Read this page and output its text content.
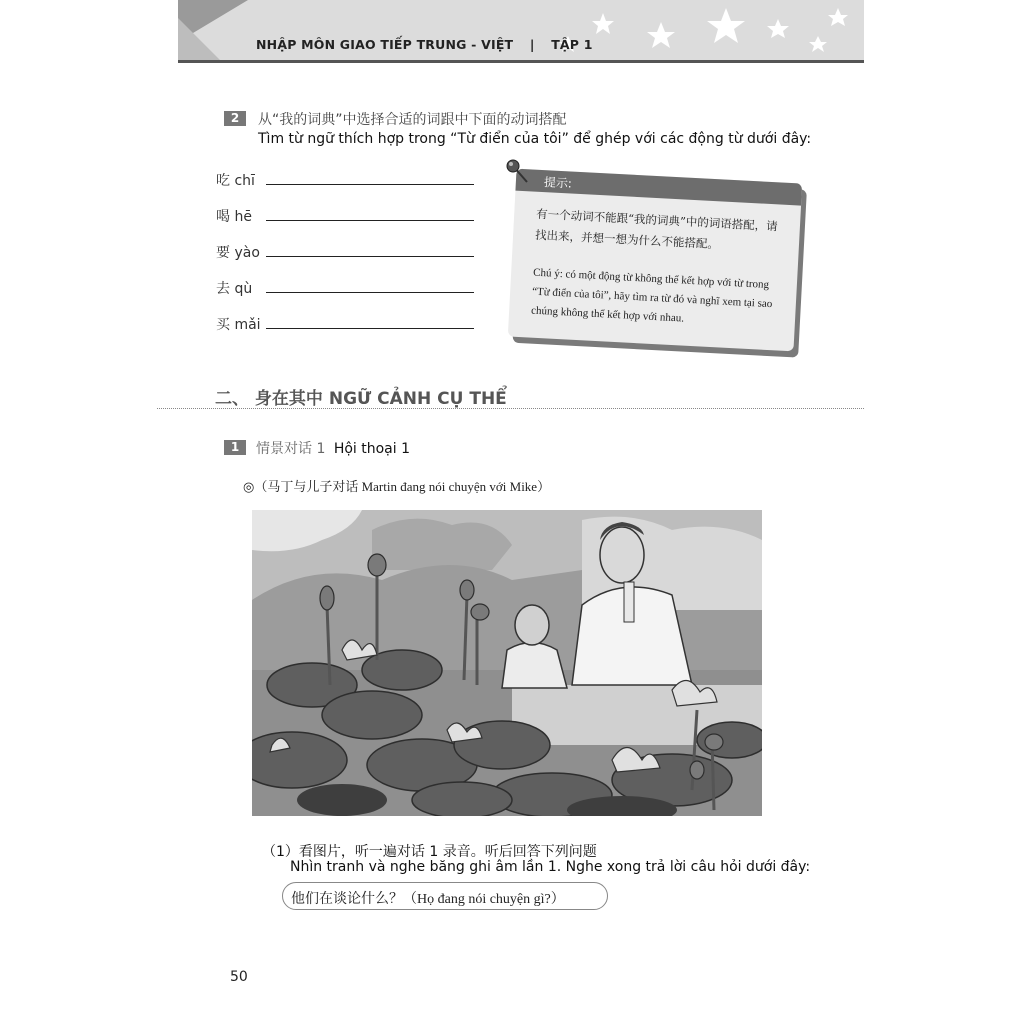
NHẬP MÔN GIAO TIẾP TRUNG - VIỆT | TẬP 1
2	从“我的词典”中选择合适的词跟中下面的动词搭配
Tìm từ ngữ thích hợp trong “Từ điển của tôi” để ghép với các động từ dưới đây:
吃 chī
喝 hē
要 yào
去 qù
买 mǎi
提示:
有一个动词不能跟“我的词典”中的词语搭配，请找出来，并想一想为什么不能搭配。
Chú ý: có một động từ không thể kết hợp với từ trong “Từ điển của tôi”, hãy tìm ra từ đó và nghĩ xem tại sao chúng không thể kết hợp với nhau.
二、 身在其中 NGỮ CẢNH CỤ THỂ
1	情景对话 1 Hội thoại 1
◎（马丁与儿子对话 Martin đang nói chuyện với Mike）
（1）看图片，听一遍对话 1 录音。听后回答下列问题
Nhìn tranh và nghe băng ghi âm lần 1. Nghe xong trả lời câu hỏi dưới đây:
他们在谈论什么？（Họ đang nói chuyện gì?）
50
